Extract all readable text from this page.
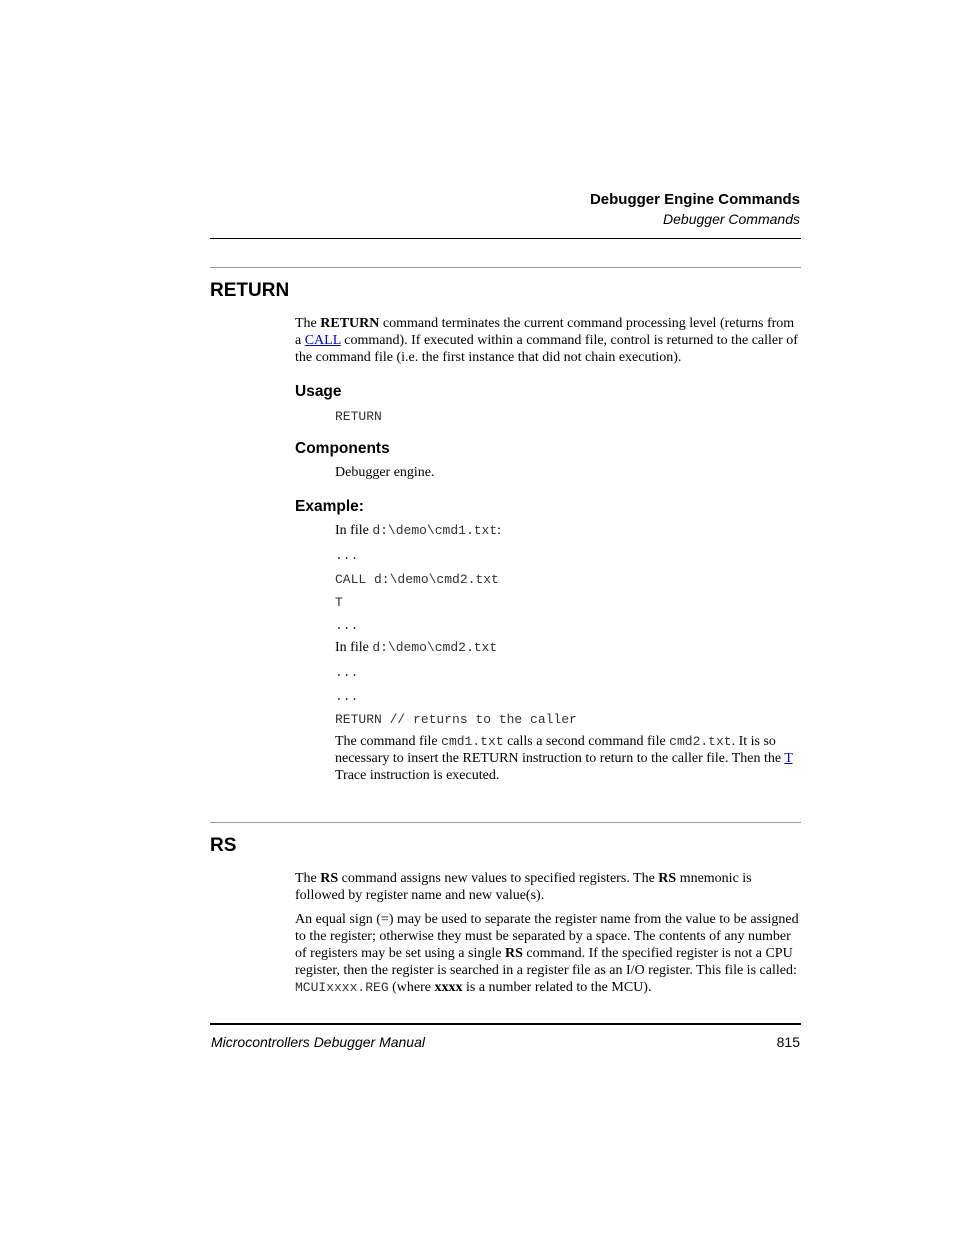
Debugger Engine Commands
Debugger Commands
RETURN

The RETURN command terminates the current command processing level (returns from a CALL command). If executed within a command file, control is returned to the caller of the command file (i.e. the first instance that did not chain execution).

Usage
RETURN
Components
Debugger engine.
Example:
In file d:\demo\cmd1.txt:
...
CALL d:\demo\cmd2.txt
T
...
In file d:\demo\cmd2.txt
...
...
RETURN // returns to the caller

The command file cmd1.txt calls a second command file cmd2.txt. It is so necessary to insert the RETURN instruction to return to the caller file. Then the T Trace instruction is executed.

RS

The RS command assigns new values to specified registers. The RS mnemonic is followed by register name and new value(s).

An equal sign (=) may be used to separate the register name from the value to be assigned to the register; otherwise they must be separated by a space. The contents of any number of registers may be set using a single RS command. If the specified register is not a CPU register, then the register is searched in a register file as an I/O register. This file is called: MCUIxxxx.REG (where xxxx is a number related to the MCU).

Microcontrollers Debugger Manual	815
